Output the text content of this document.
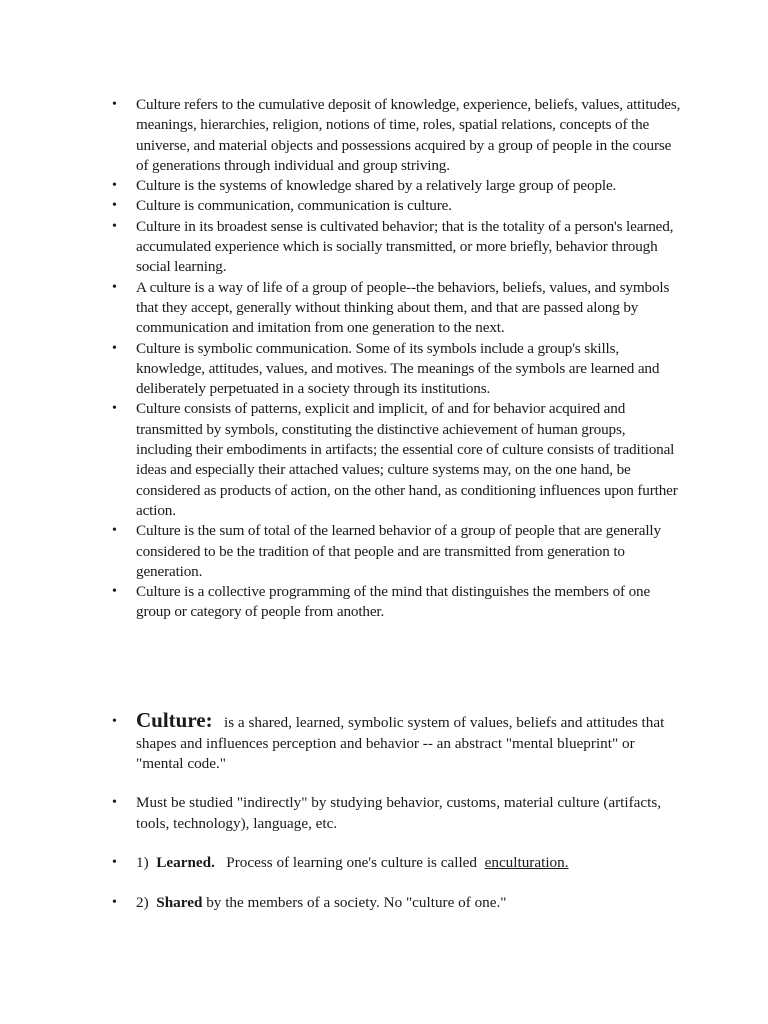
• Culture refers to the cumulative deposit of knowledge, experience, beliefs, values, attitudes, meanings, hierarchies, religion, notions of time, roles, spatial relations, concepts of the universe, and material objects and possessions acquired by a group of people in the course of generations through individual and group striving.
• Culture is the systems of knowledge shared by a relatively large group of people.
• Culture is communication, communication is culture.
• Culture in its broadest sense is cultivated behavior; that is the totality of a person's learned, accumulated experience which is socially transmitted, or more briefly, behavior through social learning.
• A culture is a way of life of a group of people--the behaviors, beliefs, values, and symbols that they accept, generally without thinking about them, and that are passed along by communication and imitation from one generation to the next.
• Culture is symbolic communication. Some of its symbols include a group's skills, knowledge, attitudes, values, and motives. The meanings of the symbols are learned and deliberately perpetuated in a society through its institutions.
• Culture consists of patterns, explicit and implicit, of and for behavior acquired and transmitted by symbols, constituting the distinctive achievement of human groups, including their embodiments in artifacts; the essential core of culture consists of traditional ideas and especially their attached values; culture systems may, on the one hand, be considered as products of action, on the other hand, as conditioning influences upon further action.
• Culture is the sum of total of the learned behavior of a group of people that are generally considered to be the tradition of that people and are transmitted from generation to generation.
• Culture is a collective programming of the mind that distinguishes the members of one group or category of people from another.
• Culture: is a shared, learned, symbolic system of values, beliefs and attitudes that shapes and influences perception and behavior -- an abstract "mental blueprint" or "mental code."
• Must be studied "indirectly" by studying behavior, customs, material culture (artifacts, tools, technology), language, etc.
• 1) Learned. Process of learning one's culture is called enculturation.
• 2) Shared by the members of a society. No "culture of one."
